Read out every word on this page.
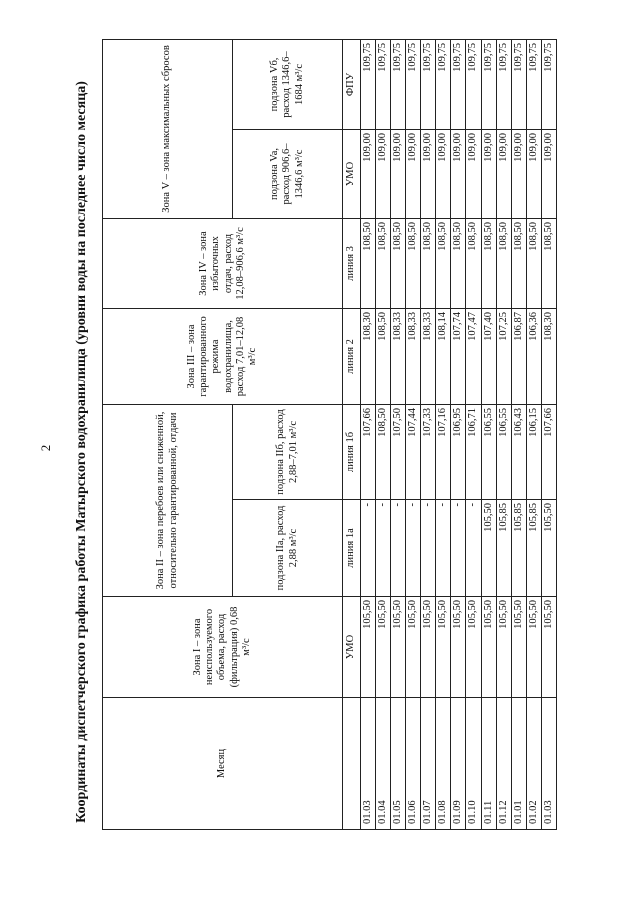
2 Координаты диспетчерского графика работы Матырского водохранилища (уровни воды на последнее число месяца)	Месяц	Зона I – зона неиспользуемого объема, расход (фильтрация) 0,68 м³/с	Зона II – зона перебоев или сниженной, относительно гарантированной, отдачи		Зона III – зона гарантированного режима водохранилища, расход 7,01–12,08 м³/с	Зона IV – зона избыточных отдач, расход 12,08–906,6 м³/с	Зона V – зона максимальных сбросов	
		подзона IIа, расход 2,88 м³/с	подзона IIб, расход 2,88–7,01 м³/с			подзона Va, расход 906,6–1346,6 м³/с	подзона Vб, расход 1346,6–1684 м³/с
	УМО	линия 1а	линия 1б	линия 2	линия 3	УМО	ФПУ
01.03	105,50	-	107,66	108,30	108,50	109,00	109,75
01.04	105,50	-	108,50	108,50	108,50	109,00	109,75
01.05	105,50	-	107,50	108,33	108,50	109,00	109,75
01.06	105,50	-	107,44	108,33	108,50	109,00	109,75
01.07	105,50	-	107,33	108,33	108,50	109,00	109,75
01.08	105,50	-	107,16	108,14	108,50	109,00	109,75
01.09	105,50	-	106,95	107,74	108,50	109,00	109,75
01.10	105,50	-	106,71	107,47	108,50	109,00	109,75
01.11	105,50	105,50	106,55	107,40	108,50	109,00	109,75
01.12	105,50	105,85	106,55	107,25	108,50	109,00	109,75
01.01	105,50	105,85	106,43	106,87	108,50	109,00	109,75
01.02	105,50	105,85	106,15	106,36	108,50	109,00	109,75
01.03	105,50	105,50	107,66	108,30	108,50	109,00	109,75
